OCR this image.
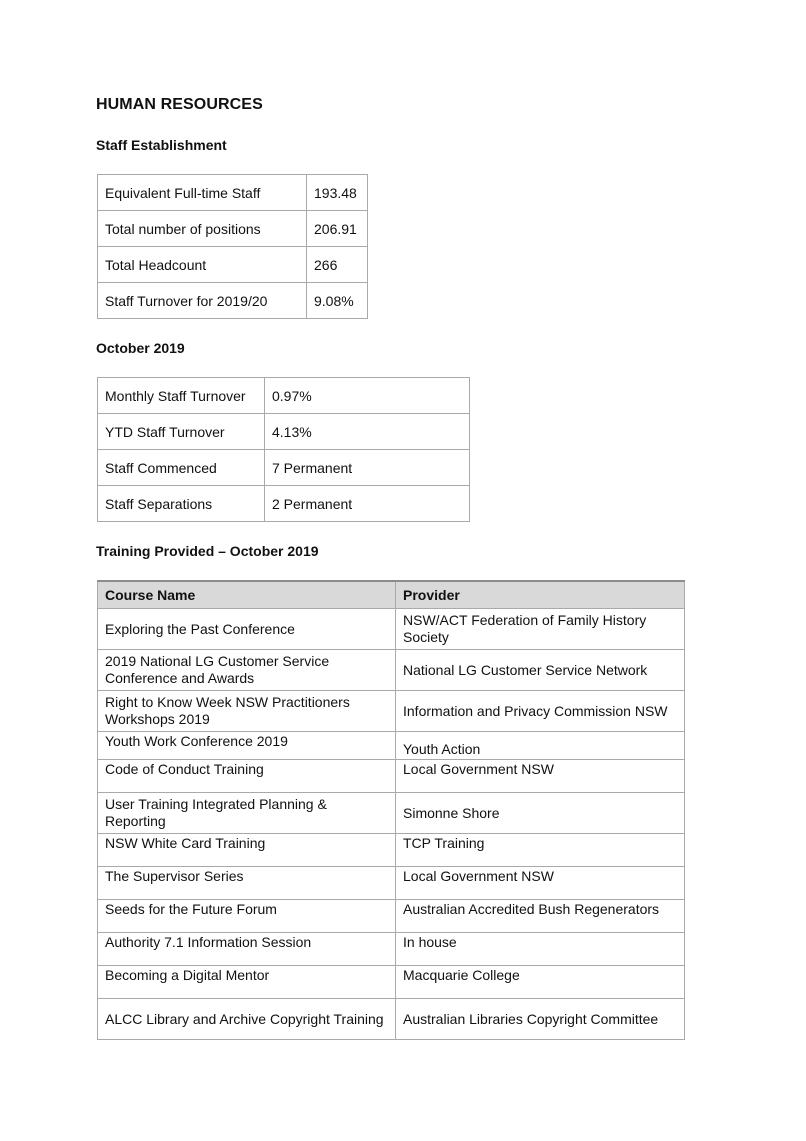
HUMAN RESOURCES
Staff Establishment
Equivalent Full-time Staff	193.48
Total number of positions	206.91
Total Headcount	266
Staff Turnover for 2019/20	9.08%
October 2019
Monthly Staff Turnover	0.97%
YTD Staff Turnover	4.13%
Staff Commenced	7 Permanent
Staff Separations	2 Permanent
Training Provided – October 2019
Course Name	Provider
Exploring the Past Conference	NSW/ACT Federation of Family History Society
2019 National LG Customer Service Conference and Awards	National LG Customer Service Network
Right to Know Week NSW Practitioners Workshops 2019	Information and Privacy Commission NSW
Youth Work Conference 2019	Youth Action
Code of Conduct Training	Local Government NSW
User Training Integrated Planning & Reporting	Simonne Shore
NSW White Card Training	TCP Training
The Supervisor Series	Local Government NSW
Seeds for the Future Forum	Australian Accredited Bush Regenerators
Authority 7.1 Information Session	In house
Becoming a Digital Mentor	Macquarie College
ALCC Library and Archive Copyright Training	Australian Libraries Copyright Committee
